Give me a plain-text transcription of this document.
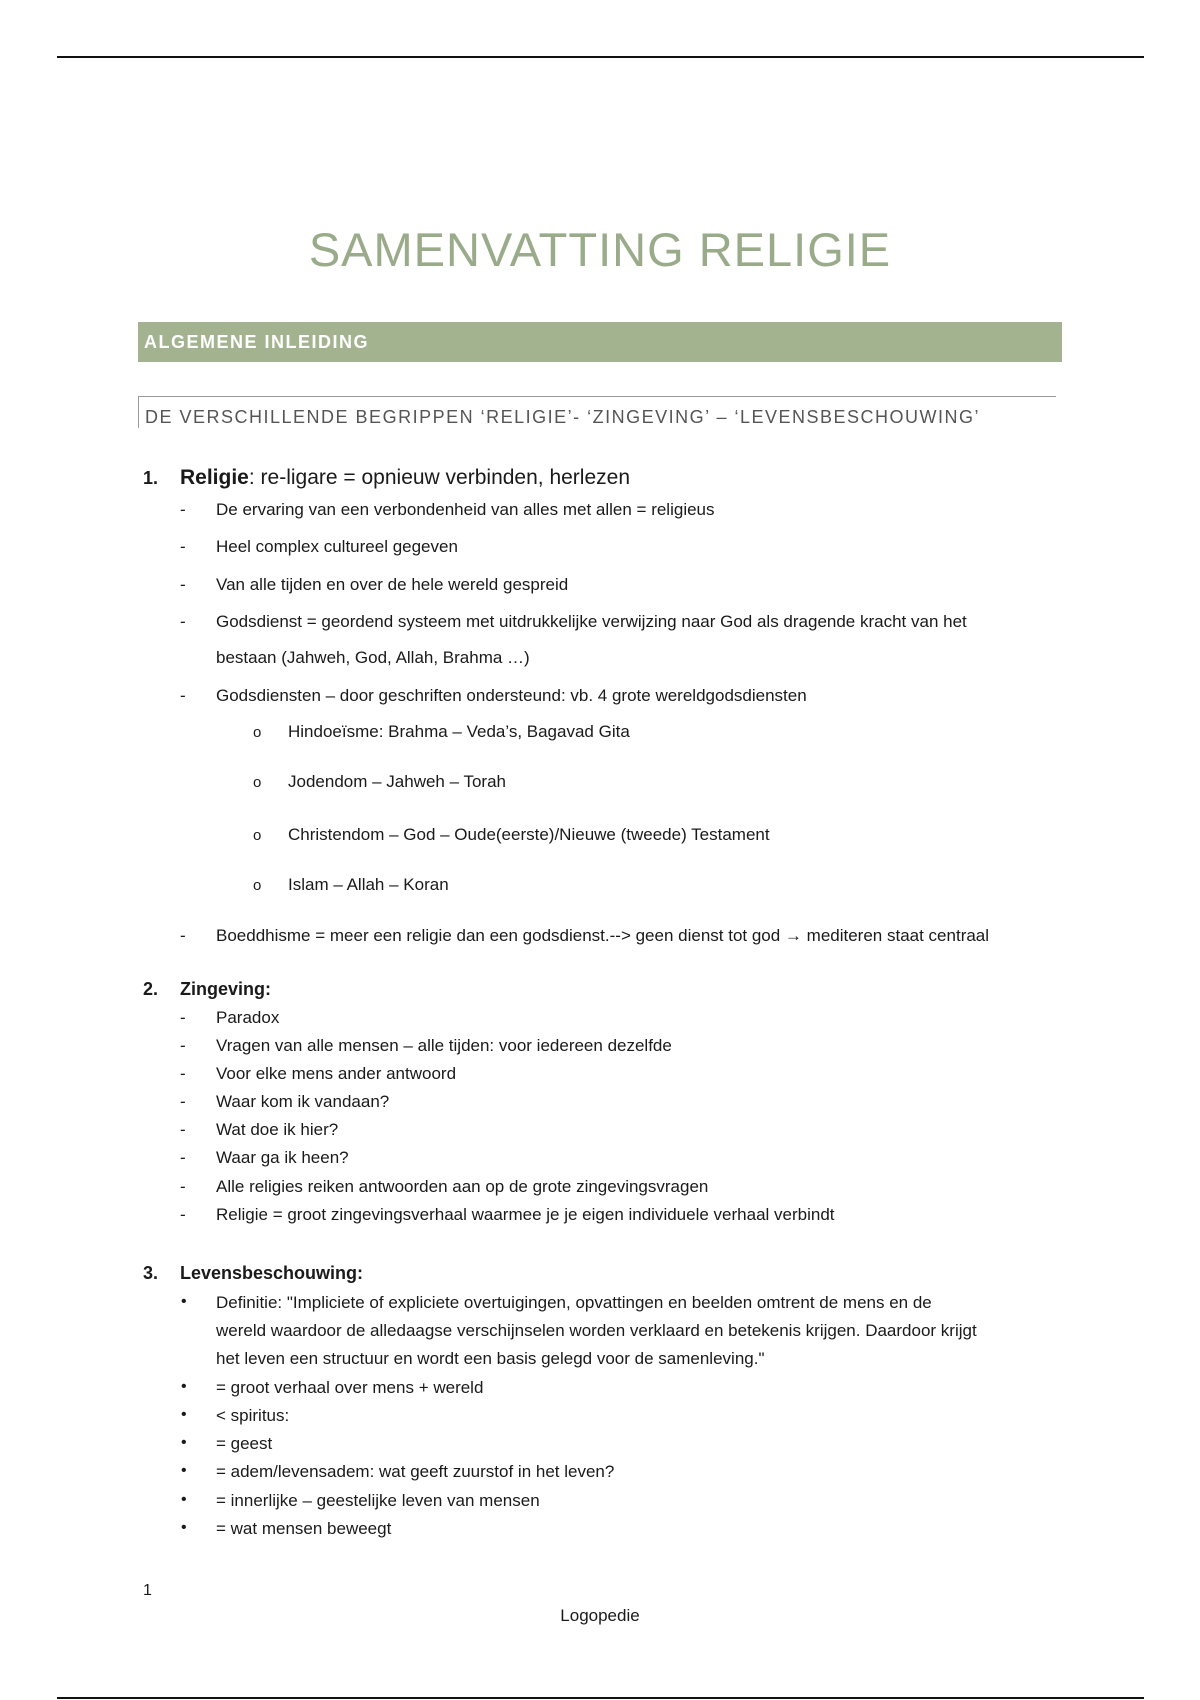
SAMENVATTING RELIGIE
ALGEMENE INLEIDING
DE VERSCHILLENDE BEGRIPPEN ‘RELIGIE’- ‘ZINGEVING’ – ‘LEVENSBESCHOUWING’
1. Religie: re-ligare = opnieuw verbinden, herlezen
- De ervaring van een verbondenheid van alles met allen = religieus
- Heel complex cultureel gegeven
- Van alle tijden en over de hele wereld gespreid
- Godsdienst = geordend systeem met uitdrukkelijke verwijzing naar God als dragende kracht van het
bestaan (Jahweh, God, Allah, Brahma …)
- Godsdiensten – door geschriften ondersteund: vb. 4 grote wereldgodsdiensten
o Hindoeïsme: Brahma – Veda’s, Bagavad Gita
o Jodendom – Jahweh – Torah
o Christendom – God – Oude(eerste)/Nieuwe (tweede) Testament
o Islam – Allah – Koran
- Boeddhisme = meer een religie dan een godsdienst.--> geen dienst tot god → mediteren staat centraal
2. Zingeving:
- Paradox
- Vragen van alle mensen – alle tijden: voor iedereen dezelfde
- Voor elke mens ander antwoord
- Waar kom ik vandaan?
- Wat doe ik hier?
- Waar ga ik heen?
- Alle religies reiken antwoorden aan op de grote zingevingsvragen
- Religie = groot zingevingsverhaal waarmee je je eigen individuele verhaal verbindt
3. Levensbeschouwing:
• Definitie: "Impliciete of expliciete overtuigingen, opvattingen en beelden omtrent de mens en de
wereld waardoor de alledaagse verschijnselen worden verklaard en betekenis krijgen. Daardoor krijgt
het leven een structuur en wordt een basis gelegd voor de samenleving."
• = groot verhaal over mens + wereld
• < spiritus:
• = geest
• = adem/levensadem: wat geeft zuurstof in het leven?
• = innerlijke – geestelijke leven van mensen
• = wat mensen beweegt
1
Logopedie
